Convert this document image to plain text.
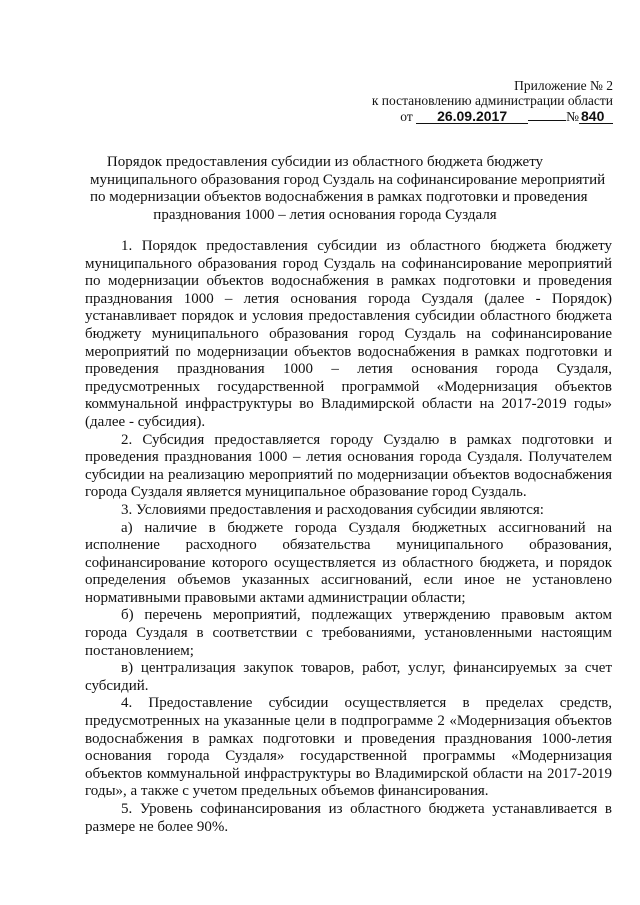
Приложение № 2
к постановлению администрации области
от 26.09.2017	№ 840
Порядок предоставления субсидии из областного бюджета бюджету
муниципального образования город Суздаль на софинансирование мероприятий
по модернизации объектов водоснабжения в рамках подготовки и проведения
празднования 1000 – летия основания города Суздаля
1. Порядок предоставления субсидии из областного бюджета бюджету
муниципального образования город Суздаль на софинансирование мероприятий
по модернизации объектов водоснабжения в рамках подготовки и проведения
празднования 1000 – летия основания города Суздаля (далее - Порядок)
устанавливает порядок и условия предоставления субсидии областного бюджета
бюджету муниципального образования город Суздаль на софинансирование
мероприятий по модернизации объектов водоснабжения в рамках подготовки и
проведения празднования 1000 – летия основания города Суздаля,
предусмотренных государственной программой «Модернизация объектов
коммунальной инфраструктуры во Владимирской области на 2017-2019 годы»
(далее - субсидия).
2. Субсидия предоставляется городу Суздалю в рамках подготовки и
проведения празднования 1000 – летия основания города Суздаля. Получателем
субсидии на реализацию мероприятий по модернизации объектов водоснабжения
города Суздаля является муниципальное образование город Суздаль.
3. Условиями предоставления и расходования субсидии являются:
а) наличие в бюджете города Суздаля бюджетных ассигнований на
исполнение расходного обязательства муниципального образования,
софинансирование которого осуществляется из областного бюджета, и порядок
определения объемов указанных ассигнований, если иное не установлено
нормативными правовыми актами администрации области;
б) перечень мероприятий, подлежащих утверждению правовым актом
города Суздаля в соответствии с требованиями, установленными настоящим
постановлением;
в) централизация закупок товаров, работ, услуг, финансируемых за счет
субсидий.
4. Предоставление субсидии осуществляется в пределах средств,
предусмотренных на указанные цели в подпрограмме 2 «Модернизация объектов
водоснабжения в рамках подготовки и проведения празднования 1000-летия
основания города Суздаля» государственной программы «Модернизация
объектов коммунальной инфраструктуры во Владимирской области на 2017-2019
годы», а также с учетом предельных объемов финансирования.
5. Уровень софинансирования из областного бюджета устанавливается в
размере не более 90%.
